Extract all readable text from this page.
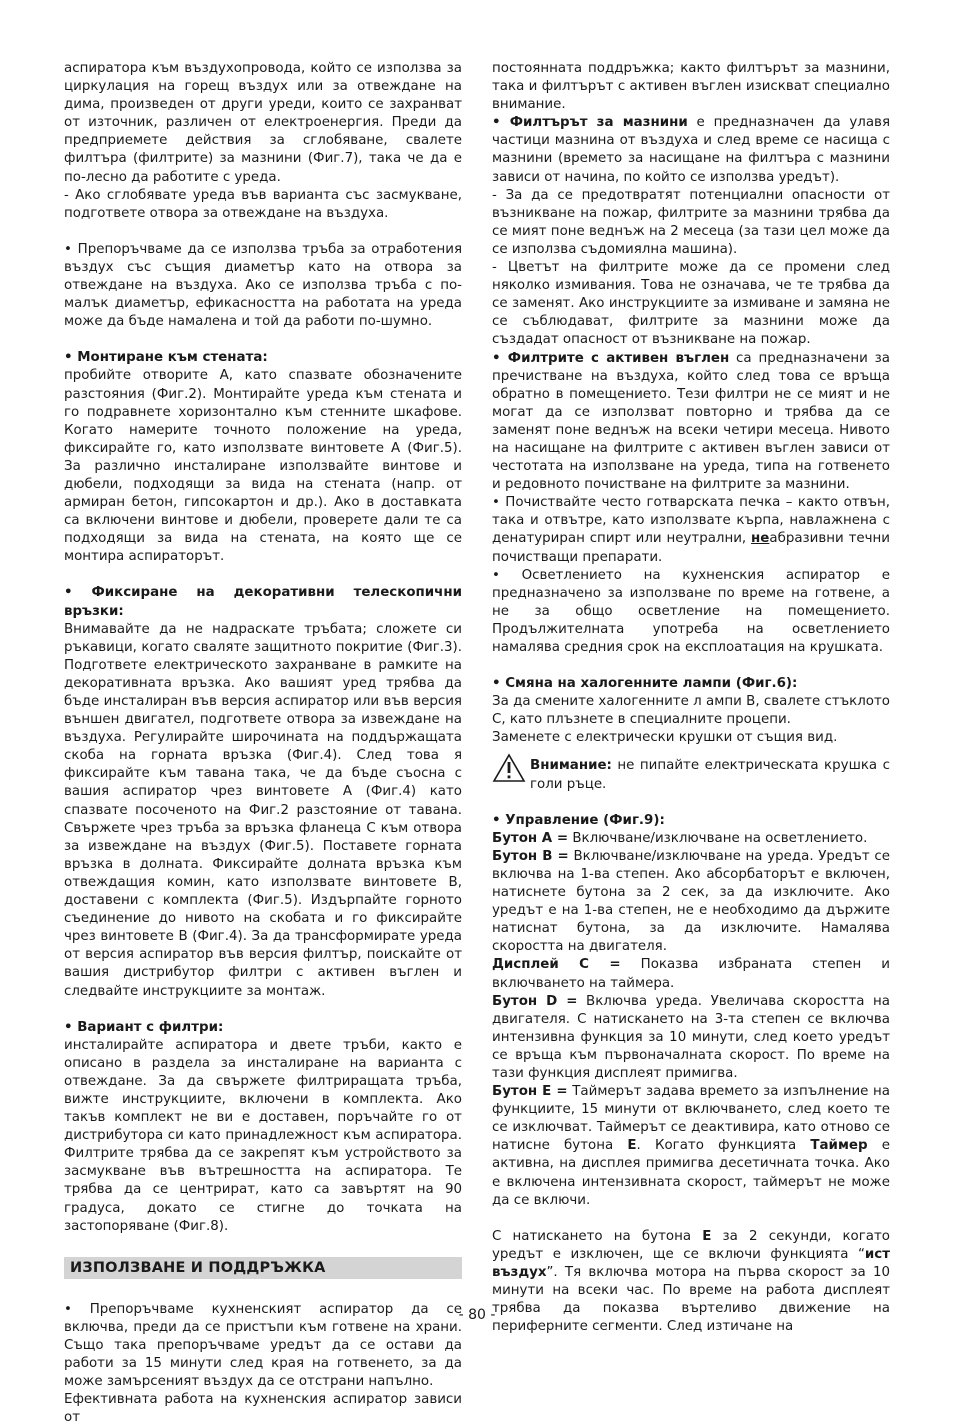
аспиратора към въздухопровода, който се използва за циркулация на горещ въздух или за отвеждане на дима, произведен от други уреди, които се захранват от източник, различен от електроенергия. Преди да предприемете действия за сглобяване, свалете филтъра (филтрите) за мазнини (Фиг.7), така че да е по-лесно да работите с уреда.

- Ако сглобявате уреда във варианта със засмукване, подгответе отвора за отвеждане на въздуха.

• Препоръчваме да се използва тръба за отработения въздух със същия диаметър като на отвора за отвеждане на въздуха. Ако се използва тръба с по-малък диаметър, ефикасността на работата на уреда може да бъде намалена и той да работи по-шумно.

• Монтиране към стената:

пробийте отворите А, като спазвате обозначените разстояния (Фиг.2). Монтирайте уреда към стената и го подравнете хоризонтално към стенните шкафове. Когато намерите точното положение на уреда, фиксирайте го, като използвате винтовете А (Фиг.5). За различно инсталиране използвайте винтове и дюбели, подходящи за вида на стената (напр. от армиран бетон, гипсокартон и др.). Ако в доставката са включени винтове и дюбели, проверете дали те са подходящи за вида на стената, на която ще се монтира аспираторът.

• Фиксиране на декоративни телескопични връзки:

Внимавайте да не надраскате тръбата; сложете си ръкавици, когато сваляте защитното покритие (Фиг.3). Подгответе електрическото захранване в рамките на декоративната връзка. Ако вашият уред трябва да бъде инсталиран във версия аспиратор или във версия външен двигател, подгответе отвора за извеждане на въздуха. Регулирайте широчината на поддържащата скоба на горната връзка (Фиг.4). След това я фиксирайте към тавана така, че да бъде съосна с вашия аспиратор чрез винтовете А (Фиг.4) като спазвате посоченото на Фиг.2 разстояние от тавана. Свържете чрез тръба за връзка фланеца С към отвора за извеждане на въздух (Фиг.5). Поставете горната връзка в долната. Фиксирайте долната връзка към отвеждащия комин, като използвате винтовете В, доставени с комплекта (Фиг.5). Издърпайте горното съединение до нивото на скобата и го фиксирайте чрез винтовете В (Фиг.4). За да трансформирате уреда от версия аспиратор във версия филтър, поискайте от вашия дистрибутор филтри с активен въглен и следвайте инструкциите за монтаж.

• Вариант с филтри:

инсталирайте аспиратора и двете тръби, както е описано в раздела за инсталиране на варианта с отвеждане. За да свържете филтриращата тръба, вижте инструкциите, включени в комплекта. Ако такъв комплект не ви е доставен, поръчайте го от дистрибутора си като принадлежност към аспиратора. Филтрите трябва да се закрепят към устройството за засмукване във вътрешността на аспиратора. Те трябва да се центрират, като са завъртят на 90 градуса, докато се стигне до точката на застопоряване (Фиг.8).

ИЗПОЛЗВАНЕ И ПОДДРЪЖКА

• Препоръчваме кухненският аспиратор да се включва, преди да се пристъпи към готвене на храни. Също така препоръчваме уредът да се остави да работи за 15 минути след края на готвенето, за да може замърсеният въздух да се отстрани напълно.

Ефективната работа на кухненския аспиратор зависи от

постоянната поддръжка; както филтърът за мазнини, така и филтърът с активен въглен изискват специално внимание.

• Филтърът за мазнини е предназначен да улавя частици мазнина от въздуха и след време се насища с мазнини (времето за насищане на филтъра с мазнини зависи от начина, по който се използва уредът).

- За да се предотвратят потенциални опасности от възникване на пожар, филтрите за мазнини трябва да се мият поне веднъж на 2 месеца (за тази цел може да се използва съдомиялна машина).

- Цветът на филтрите може да се промени след няколко измивания. Това не означава, че те трябва да се заменят. Ако инструкциите за измиване и замяна не се съблюдават, филтрите за мазнини може да създадат опасност от възникване на пожар.

• Филтрите с активен въглен са предназначени за пречистване на въздуха, който след това се връща обратно в помещението. Тези филтри не се мият и не могат да се използват повторно и трябва да се заменят поне веднъж на всеки четири месеца. Нивото на насищане на филтрите с активен въглен зависи от честотата на използване на уреда, типа на готвенето и редовното почистване на филтрите за мазнини.

• Почиствайте често готварската печка – както отвън, така и отвътре, като използвате кърпа, навлажнена с денатуриран спирт или неутрални, неабразивни течни почистващи препарати.

• Осветлението на кухненския аспиратор е предназначено за използване по време на готвене, а не за общо осветление на помещението. Продължителната употреба на осветлението намалява средния срок на експлоатация на крушката.

• Смяна на халогенните лампи (Фиг.6):

За да смените халогенните л ампи В, свалете стъклото С, като плъзнете в специалните процепи.

Заменете с електрически крушки от същия вид.

Внимание: не пипайте електрическата крушка с голи ръце.

• Управление (Фиг.9):

Бутон А = Включване/изключване на осветлението.

Бутон В = Включване/изключване на уреда. Уредът се включва на 1-ва степен. Ако абсорбаторът е включен, натиснете бутона за 2 сек, за да изключите. Ако уредът е на 1-ва степен, не е необходимо да държите натиснат бутона, за да изключите. Намалява скоростта на двигателя.

Дисплей С = Показва избраната степен и включването на таймера.

Бутон D = Включва уреда. Увеличава скоростта на двигателя. С натискането на 3-та степен се включва интензивна функция за 10 минути, след което уредът се връща към първоначалната скорост. По време на тази функция дисплеят примигва.

Бутон Е = Таймерът задава времето за изпълнение на функциите, 15 минути от включването, след което те се изключват. Таймерът се деактивира, като отново се натисне бутона Е. Когато функцията Таймер е активна, на дисплея примигва десетичната точка. Ако е включена интензивната скорост, таймерът не може да се включи.

С натискането на бутона Е за 2 секунди, когато уредът е изключен, ще се включи функцията “ист въздух”. Тя включва мотора на първа скорост за 10 минути на всеки час. По време на работа дисплеят трябва да показва въртеливо движение на периферните сегменти. След изтичане на

- 80 -
